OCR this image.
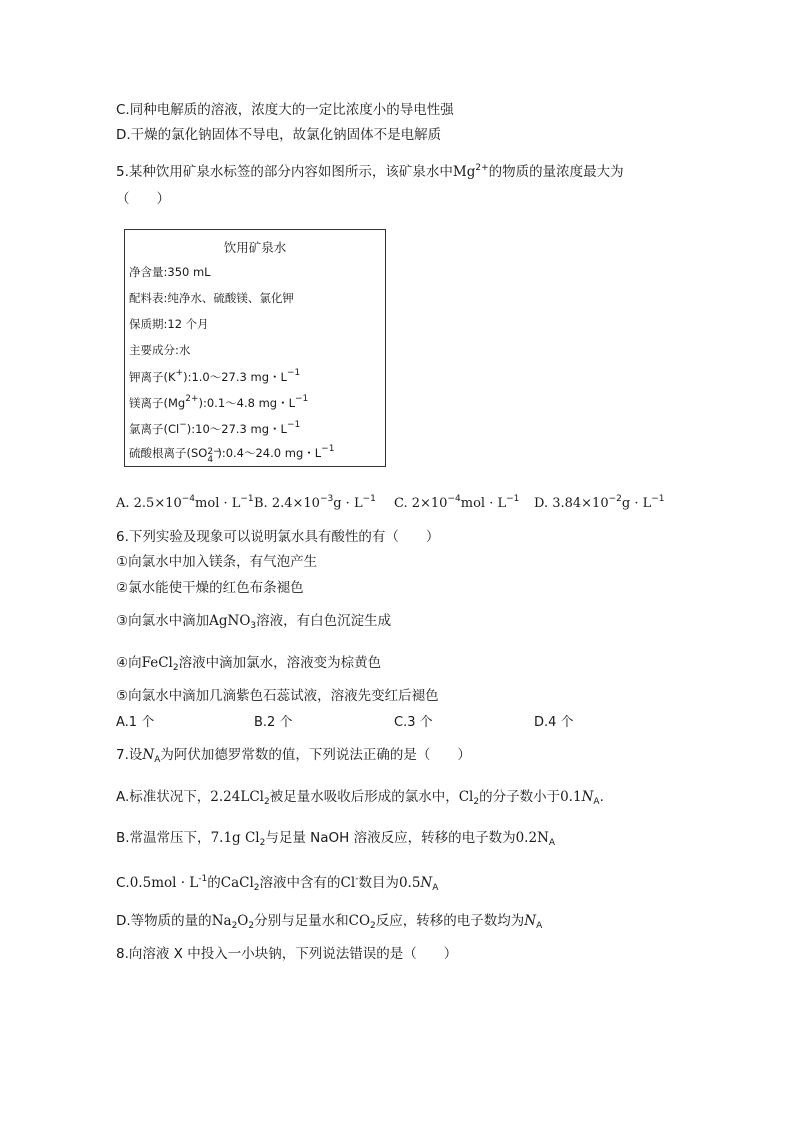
C.同种电解质的溶液，浓度大的一定比浓度小的导电性强
D.干燥的氯化钠固体不导电，故氯化钠固体不是电解质
5.某种饮用矿泉水标签的部分内容如图所示，该矿泉水中$Mg^{2+}$的物质的量浓度最大为
（　　）
饮用矿泉水
净含量:350 mL
配料表:纯净水、硫酸镁、氯化钾
保质期:12 个月
主要成分:水
钾离子(K+):1.0～27.3 mg・$L^{-1}$
镁离子$(Mg^{2+}):0.1\sim 4.8$ mg・$L^{-1}$
氯离子(Cl−):10～27.3 mg・$L^{-1}$
硫酸根离子(SO 2−
4 ):0.4～24.0 mg・$L^{-1}$
A. $2.5\times 10^{-4}mol \cdot L^{-1}$ B. $2.4\times 10^{-3}g \cdot L^{-1}$ C. $2\times 10^{-4}mol \cdot L^{-1}$ D. $3.84\times 10^{-2}g \cdot L^{-1}$
6.下列实验及现象可以说明氯水具有酸性的有（　　）
①向氯水中加入镁条，有气泡产生
②氯水能使干燥的红色布条褪色
③向氯水中滴加AgNO$_3$溶液，有白色沉淀生成
④向FeCl$_2$溶液中滴加氯水，溶液变为棕黄色
⑤向氯水中滴加几滴紫色石蕊试液，溶液先变红后褪色
A.1 个	B.2 个	C.3 个	D.4 个
7.设$N_A$为阿伏加德罗常数的值，下列说法正确的是（　　）
A.标准状况下，2.24LCl$_2$被足量水吸收后形成的氯水中，$Cl_2$的分子数小于$0.1N_A$.
B.常温常压下，7.1g $Cl_2$与足量 NaOH 溶液反应，转移的电子数为$0.2N_A$
$C.0.5mol \cdot L^{-1}$的CaCl$_2$溶液中含有的Cl-数目为$0.5N_A$
D.等物质的量的$Na_2O_2$分别与足量水和$CO_2$反应，转移的电子数均为$N_A$
8.向溶液 X 中投入一小块钠，下列说法错误的是（　　）
